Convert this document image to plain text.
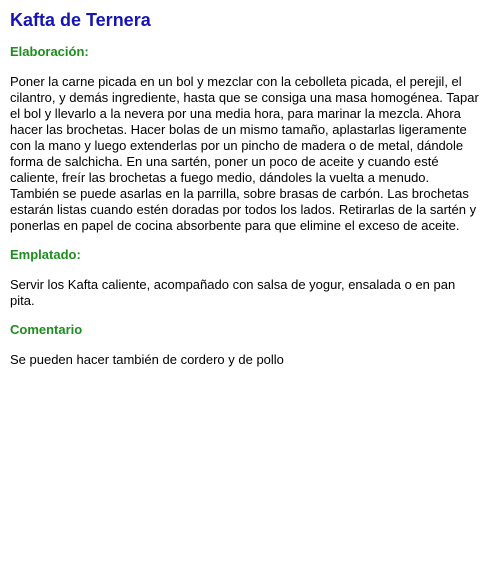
Kafta de Ternera
Elaboración:

Poner la carne picada en un bol y mezclar con la cebolleta picada, el perejil, el cilantro, y demás ingrediente, hasta que se consiga una masa homogénea. Tapar el bol y llevarlo a la nevera por una media hora, para marinar la mezcla. Ahora hacer las brochetas. Hacer bolas de un mismo tamaño, aplastarlas ligeramente con la mano y luego extenderlas por un pincho de madera o de metal, dándole forma de salchicha. En una sartén, poner un poco de aceite y cuando esté caliente, freír las brochetas a fuego medio, dándoles la vuelta a menudo. También se puede asarlas en la parrilla, sobre brasas de carbón. Las brochetas estarán listas cuando estén doradas por todos los lados. Retirarlas de la sartén y ponerlas en papel de cocina absorbente para que elimine el exceso de aceite.

Emplatado:

Servir los Kafta caliente, acompañado con salsa de yogur, ensalada o en pan pita.

Comentario

Se pueden hacer también de cordero y de pollo
